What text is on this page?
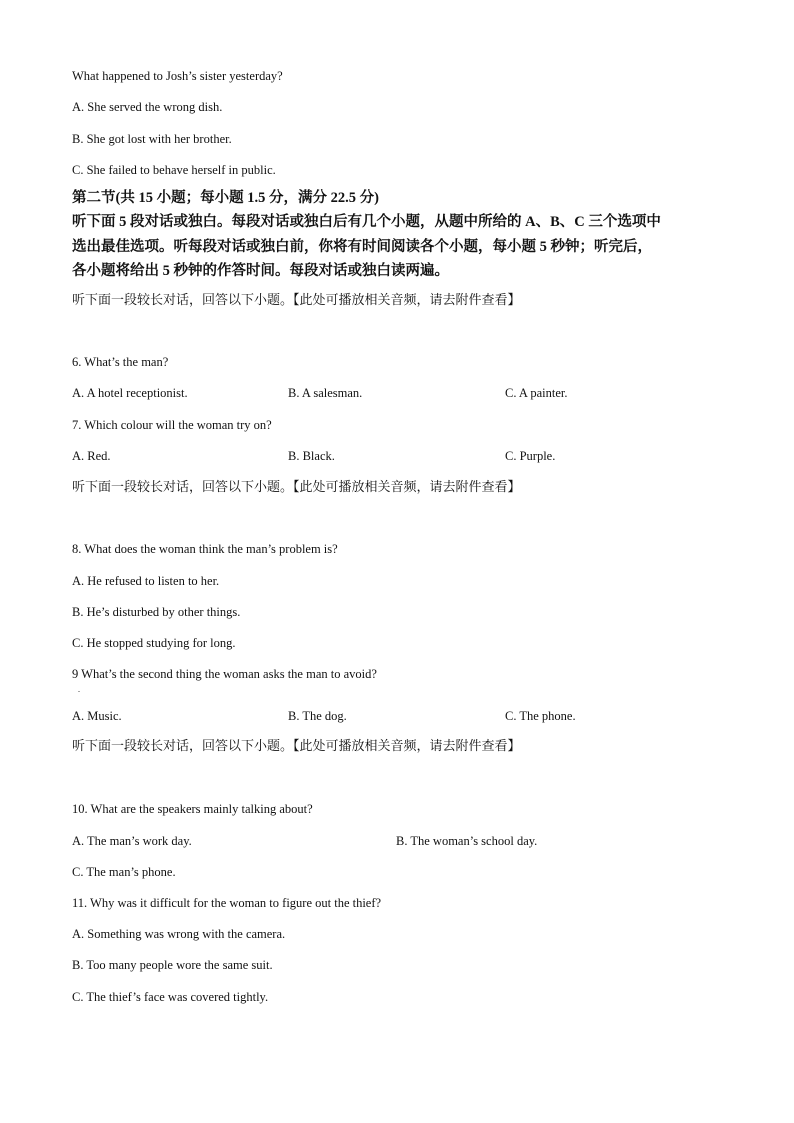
What happened to Josh’s sister yesterday?
A. She served the wrong dish.
B. She got lost with her brother.
C. She failed to behave herself in public.
第二节(共 15 小题；每小题 1.5 分，满分 22.5 分)
听下面 5 段对话或独白。每段对话或独白后有几个小题，从题中所给的 A、B、C 三个选项中
选出最佳选项。听每段对话或独白前，你将有时间阅读各个小题，每小题 5 秒钟；听完后，
各小题将给出 5 秒钟的作答时间。每段对话或独白读两遍。
听下面一段较长对话，回答以下小题。【此处可播放相关音频，请去附件查看】
6. What’s the man?
A. A hotel receptionist.	B. A salesman.	C. A painter.
7. Which colour will the woman try on?
A. Red.	B. Black.	C. Purple.
听下面一段较长对话，回答以下小题。【此处可播放相关音频，请去附件查看】
8. What does the woman think the man’s problem is?
A. He refused to listen to her.
B. He’s disturbed by other things.
C. He stopped studying for long.
9 What’s the second thing the woman asks the man to avoid?
.
A. Music.	B. The dog.	C. The phone.
听下面一段较长对话，回答以下小题。【此处可播放相关音频，请去附件查看】
10. What are the speakers mainly talking about?
A. The man’s work day.	B. The woman’s school day.
C. The man’s phone.
11. Why was it difficult for the woman to figure out the thief?
A. Something was wrong with the camera.
B. Too many people wore the same suit.
C. The thief’s face was covered tightly.
